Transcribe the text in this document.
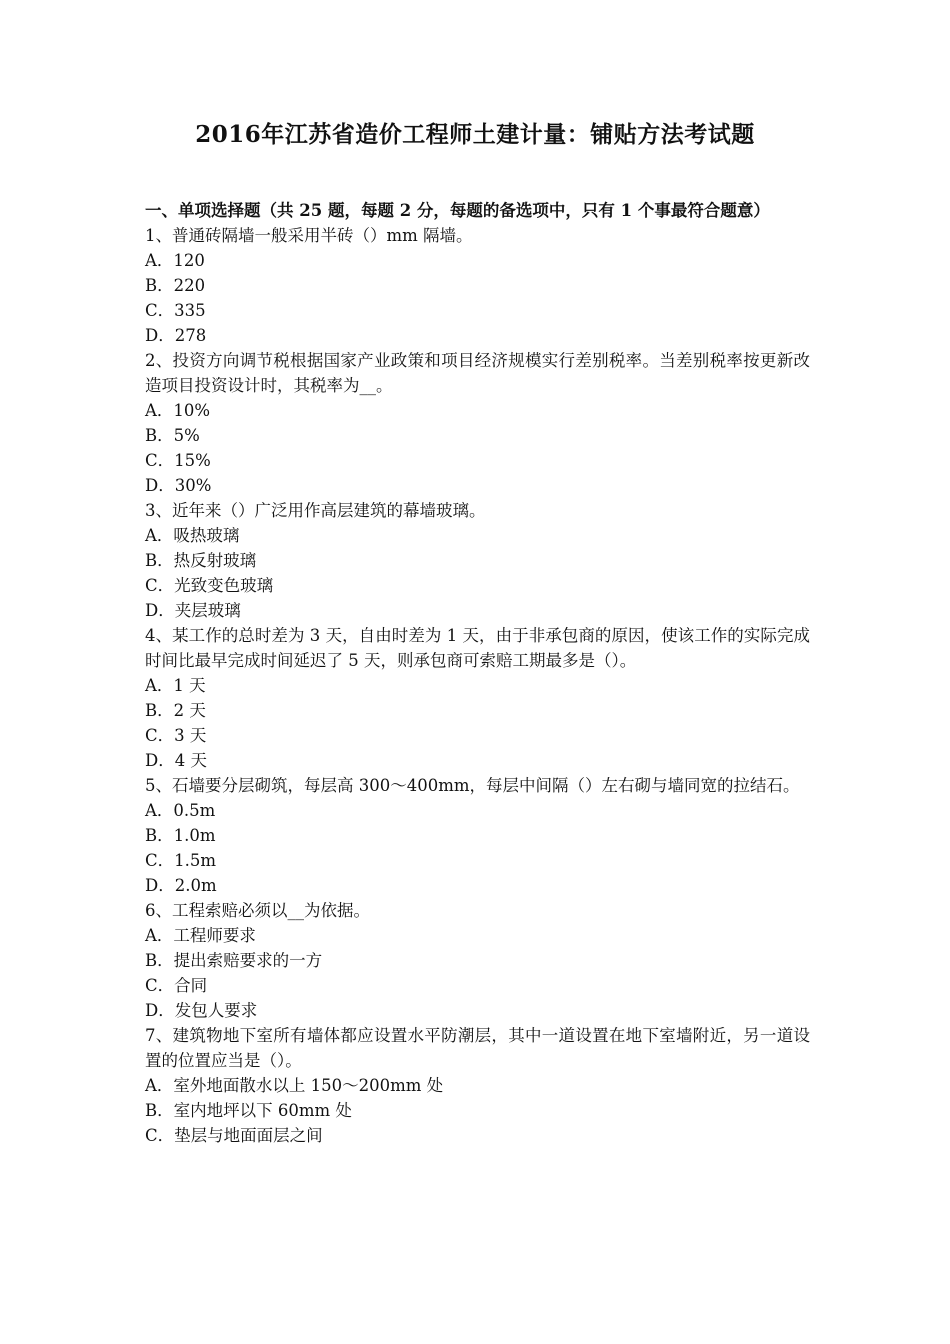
2016年江苏省造价工程师土建计量：铺贴方法考试题

一、单项选择题（共 25 题，每题 2 分，每题的备选项中，只有 1 个事最符合题意）

1、普通砖隔墙一般采用半砖（）mm 隔墙。

A．120

B．220

C．335

D．278

2、投资方向调节税根据国家产业政策和项目经济规模实行差别税率。当差别税率按更新改造项目投资设计时，其税率为__。

A．10%

B．5%

C．15%

D．30%

3、近年来（）广泛用作高层建筑的幕墙玻璃。

A．吸热玻璃

B．热反射玻璃

C．光致变色玻璃

D．夹层玻璃

4、某工作的总时差为 3 天，自由时差为 1 天，由于非承包商的原因，使该工作的实际完成时间比最早完成时间延迟了 5 天，则承包商可索赔工期最多是（）。

A．1 天

B．2 天

C．3 天

D．4 天

5、石墙要分层砌筑，每层高 300～400mm，每层中间隔（）左右砌与墙同宽的拉结石。

A．0.5m

B．1.0m

C．1.5m

D．2.0m

6、工程索赔必须以__为依据。

A．工程师要求

B．提出索赔要求的一方

C．合同

D．发包人要求

7、建筑物地下室所有墙体都应设置水平防潮层，其中一道设置在地下室墙附近，另一道设置的位置应当是（）。

A．室外地面散水以上 150～200mm 处

B．室内地坪以下 60mm 处

C．垫层与地面面层之间
